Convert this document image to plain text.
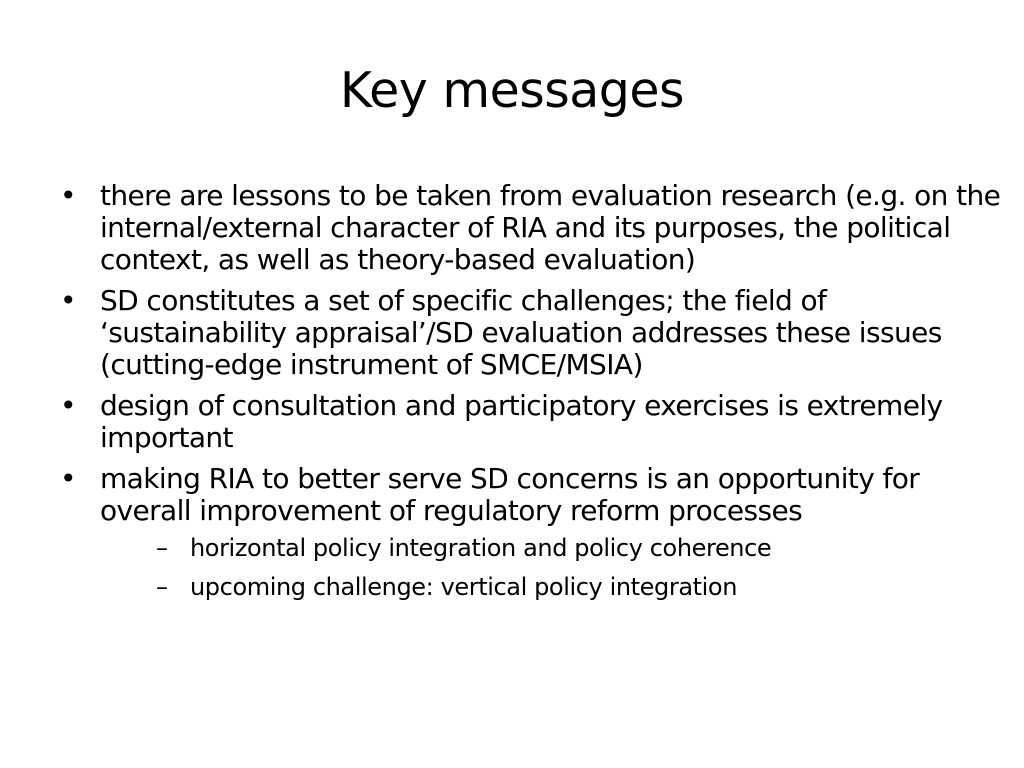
Key messages
• there are lessons to be taken from evaluation research (e.g. on the internal/external character of RIA and its purposes, the political context, as well as theory-based evaluation)
• SD constitutes a set of specific challenges; the field of ‘sustainability appraisal’/SD evaluation addresses these issues (cutting-edge instrument of SMCE/MSIA)
• design of consultation and participatory exercises is extremely important
• making RIA to better serve SD concerns is an opportunity for overall improvement of regulatory reform processes
– horizontal policy integration and policy coherence
– upcoming challenge: vertical policy integration
